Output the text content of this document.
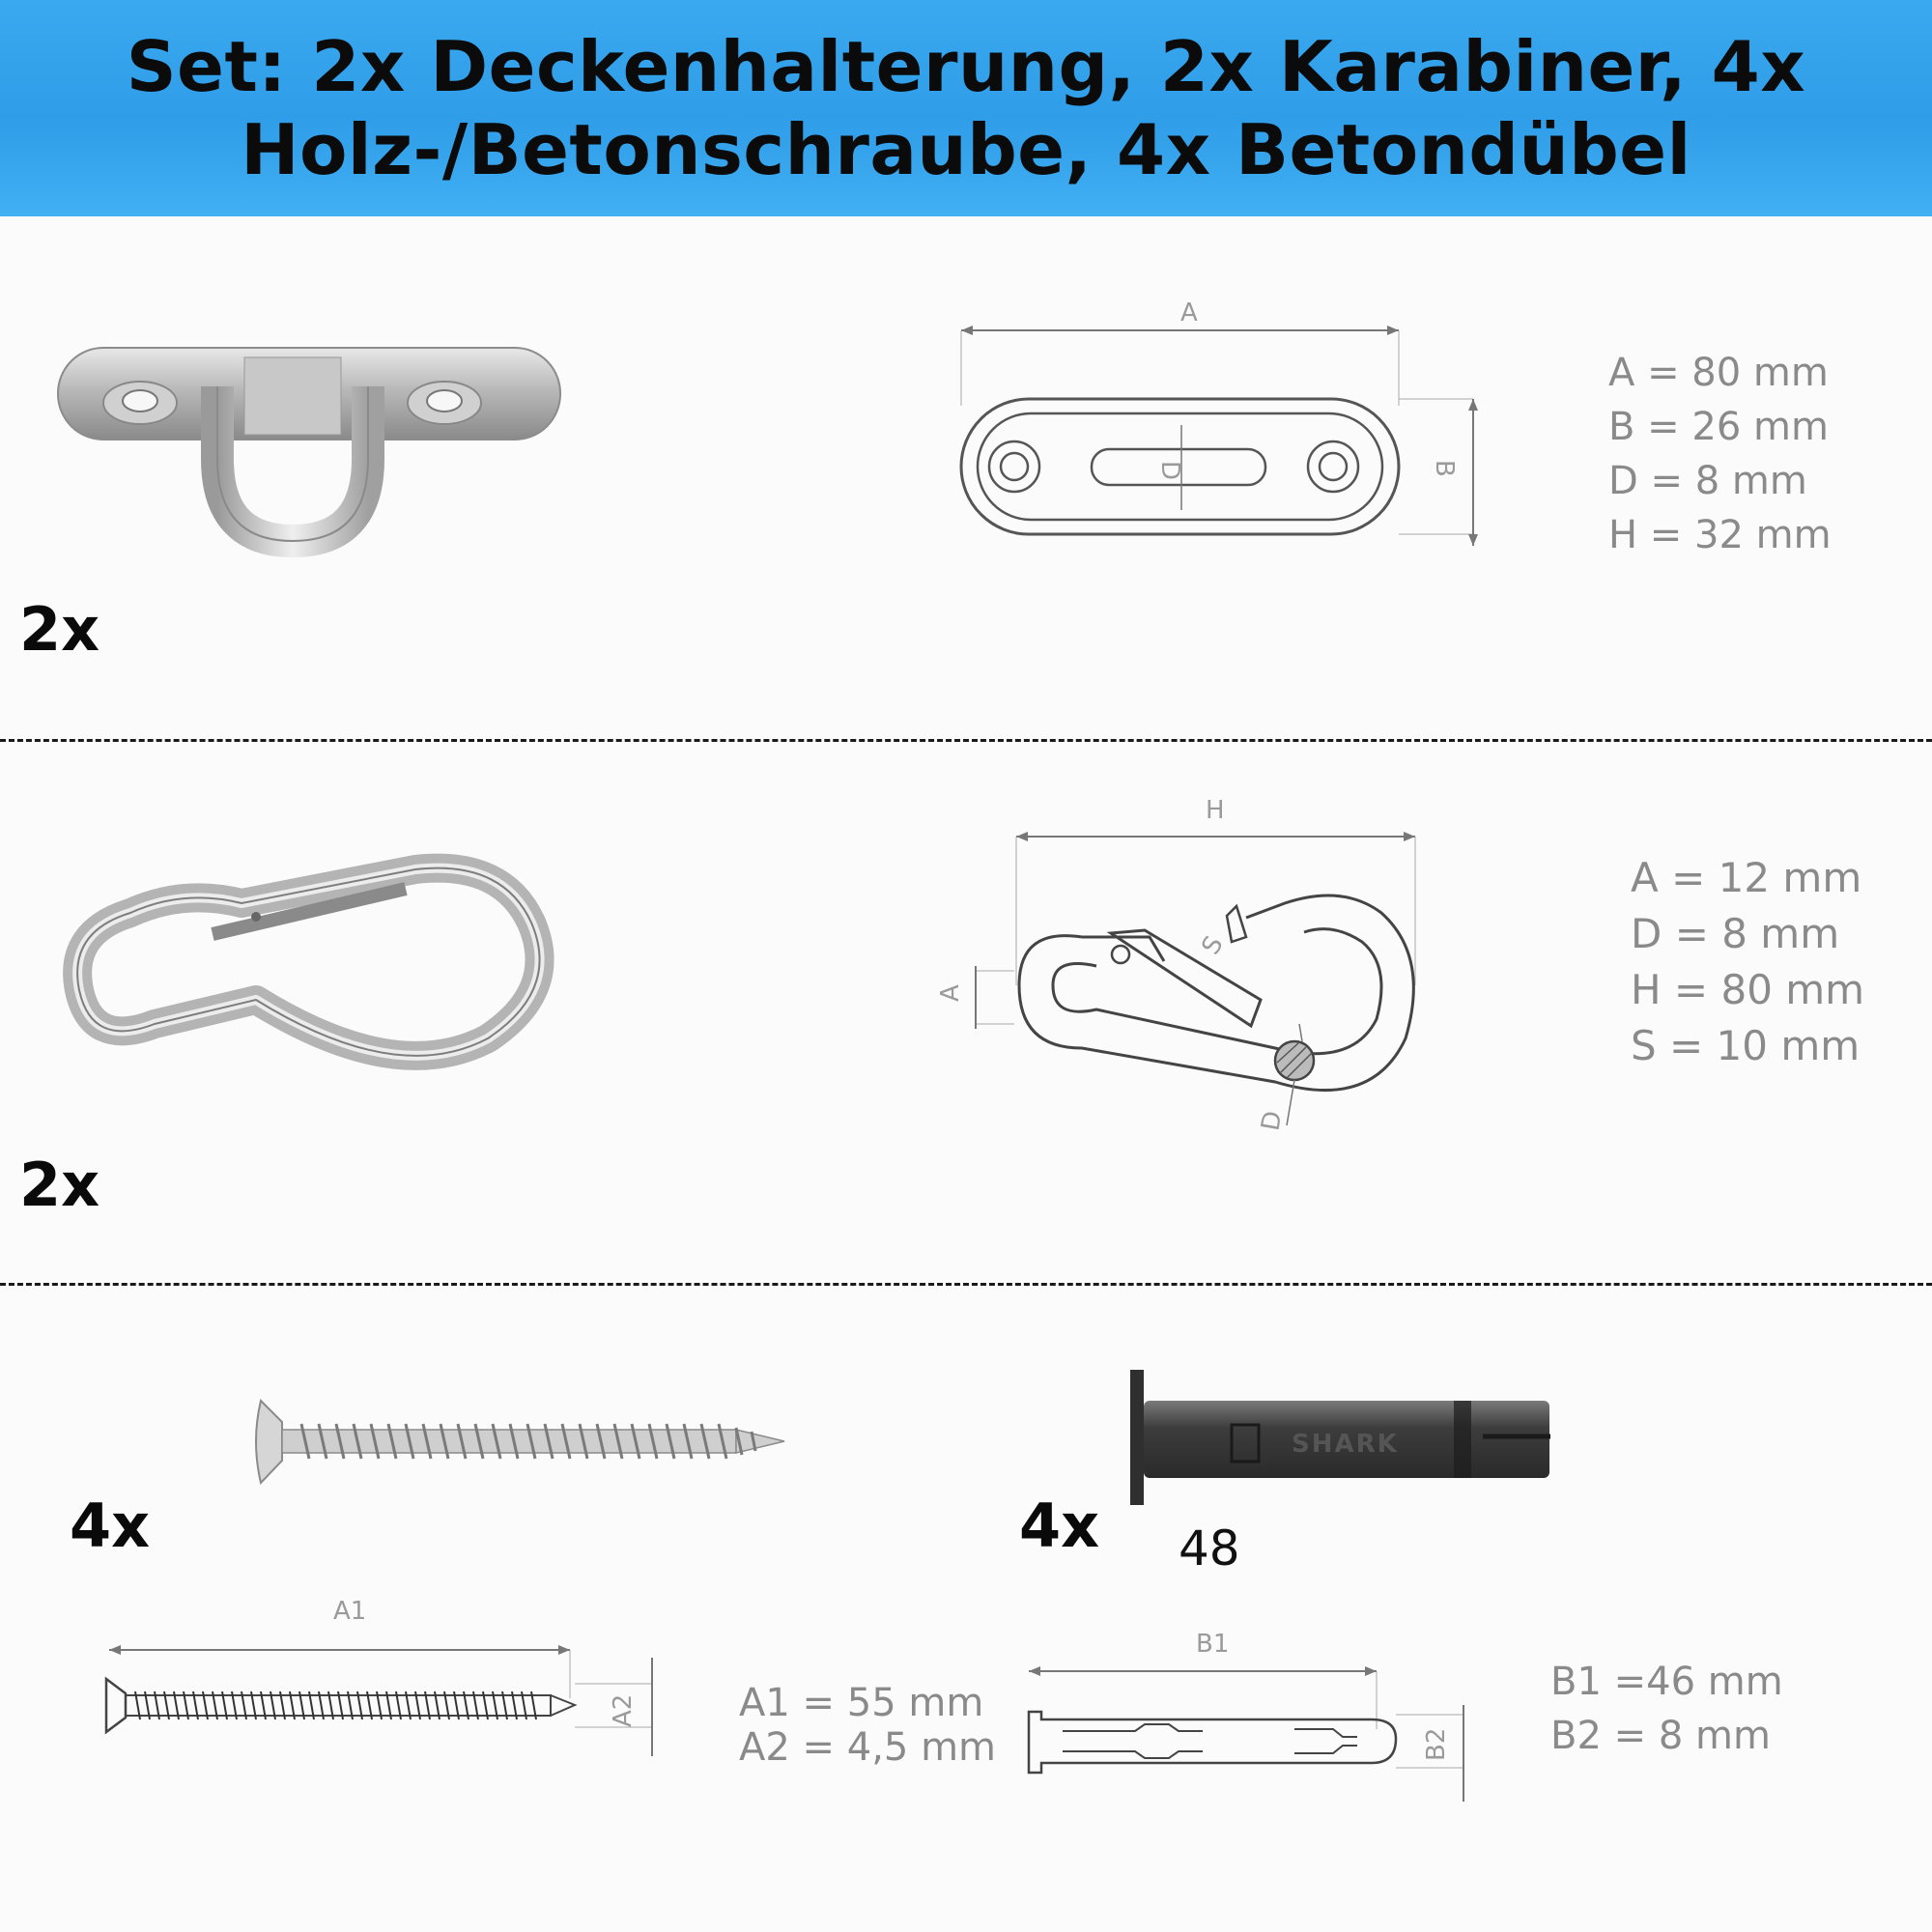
Set: 2x Deckenhalterung, 2x Karabiner, 4x
Holz-/Betonschraube, 4x Betondübel
2x
A
D	B
A = 80 mm
B = 26 mm
D = 8 mm
H = 32 mm
2x
H
A
S
D
A = 12 mm
D = 8 mm
H = 80 mm
S = 10 mm
4x
A1
A2	A1 = 55 mm
A2 = 4,5 mm
SHARK
4x 48
B1
B2
B1 =46 mm
B2 = 8 mm
